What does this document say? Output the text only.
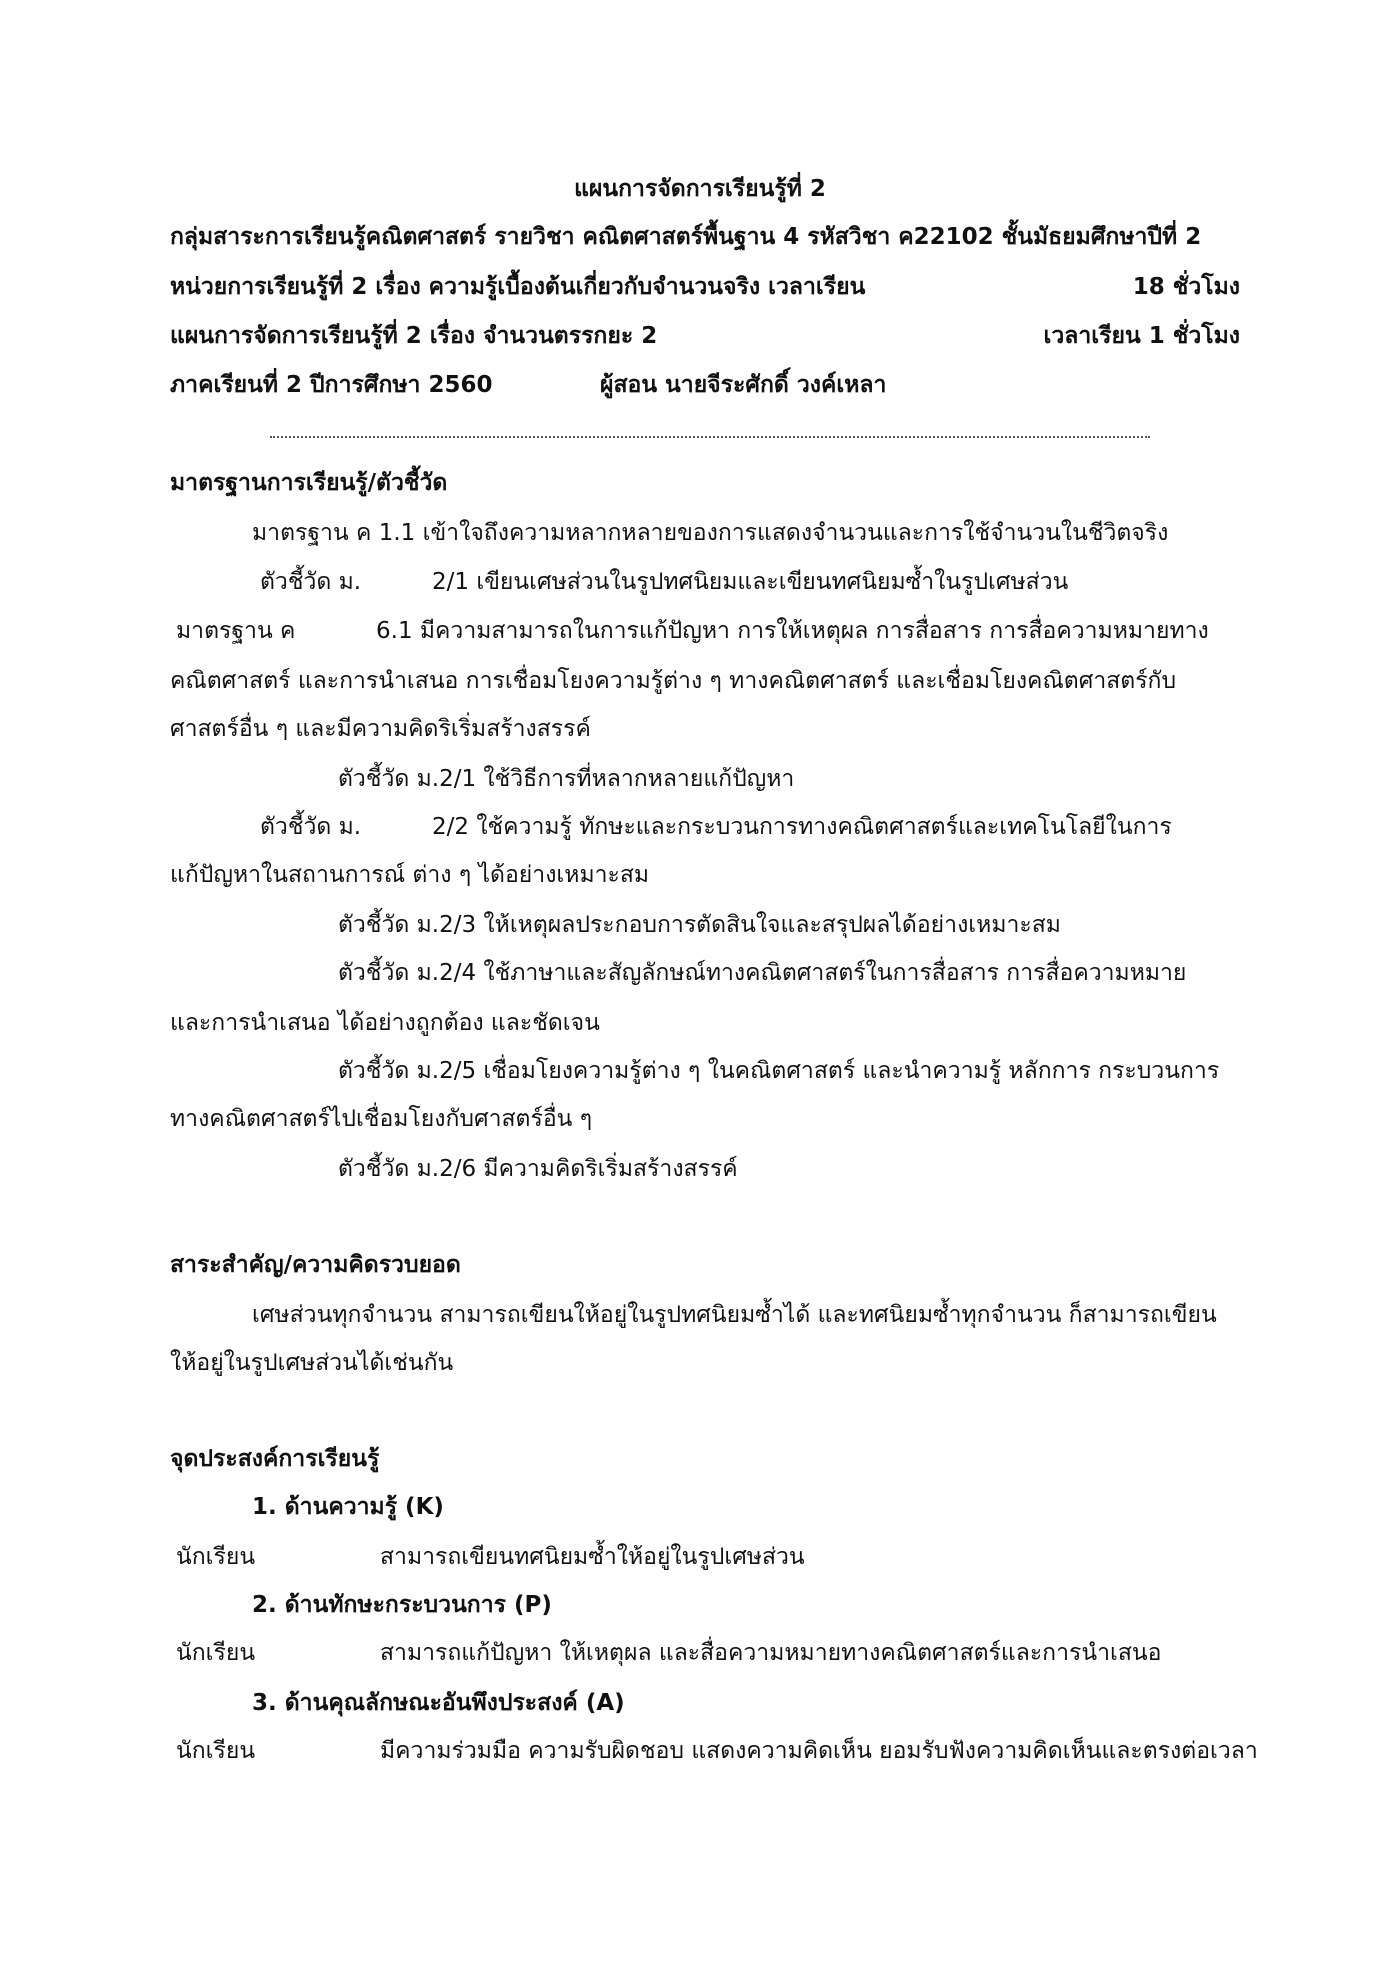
แผนการจัดการเรียนรู้ที่ 2
กลุ่มสาระการเรียนรู้คณิตศาสตร์ รายวิชา คณิตศาสตร์พื้นฐาน 4 รหัสวิชา ค22102 ชั้นมัธยมศึกษาปีที่ 2
หน่วยการเรียนรู้ที่ 2 เรื่อง ความรู้เบื้องต้นเกี่ยวกับจำนวนจริง เวลาเรียน	18 ชั่วโมง
แผนการจัดการเรียนรู้ที่ 2 เรื่อง จำนวนตรรกยะ 2	เวลาเรียน 1 ชั่วโมง
ภาคเรียนที่ 2 ปีการศึกษา 2560	ผู้สอน นายจีระศักดิ์ วงค์เหลา
มาตรฐานการเรียนรู้/ตัวชี้วัด
มาตรฐาน ค 1.1 เข้าใจถึงความหลากหลายของการแสดงจำนวนและการใช้จำนวนในชีวิตจริง
ตัวชี้วัด ม.	2/1 เขียนเศษส่วนในรูปทศนิยมและเขียนทศนิยมซ้ำในรูปเศษส่วน
มาตรฐาน ค	6.1 มีความสามารถในการแก้ปัญหา การให้เหตุผล การสื่อสาร การสื่อความหมายทาง
คณิตศาสตร์ และการนำเสนอ การเชื่อมโยงความรู้ต่าง ๆ ทางคณิตศาสตร์ และเชื่อมโยงคณิตศาสตร์กับ
ศาสตร์อื่น ๆ และมีความคิดริเริ่มสร้างสรรค์
ตัวชี้วัด ม.2/1 ใช้วิธีการที่หลากหลายแก้ปัญหา
ตัวชี้วัด ม.	2/2 ใช้ความรู้ ทักษะและกระบวนการทางคณิตศาสตร์และเทคโนโลยีในการ
แก้ปัญหาในสถานการณ์ ต่าง ๆ ได้อย่างเหมาะสม
ตัวชี้วัด ม.2/3 ให้เหตุผลประกอบการตัดสินใจและสรุปผลได้อย่างเหมาะสม
ตัวชี้วัด ม.2/4 ใช้ภาษาและสัญลักษณ์ทางคณิตศาสตร์ในการสื่อสาร การสื่อความหมาย
และการนำเสนอ ได้อย่างถูกต้อง และชัดเจน
ตัวชี้วัด ม.2/5 เชื่อมโยงความรู้ต่าง ๆ ในคณิตศาสตร์ และนำความรู้ หลักการ กระบวนการ
ทางคณิตศาสตร์ไปเชื่อมโยงกับศาสตร์อื่น ๆ
ตัวชี้วัด ม.2/6 มีความคิดริเริ่มสร้างสรรค์
สาระสำคัญ/ความคิดรวบยอด
เศษส่วนทุกจำนวน สามารถเขียนให้อยู่ในรูปทศนิยมซ้ำได้ และทศนิยมซ้ำทุกจำนวน ก็สามารถเขียน
ให้อยู่ในรูปเศษส่วนได้เช่นกัน
จุดประสงค์การเรียนรู้
1. ด้านความรู้ (K)
นักเรียน	สามารถเขียนทศนิยมซ้ำให้อยู่ในรูปเศษส่วน
2. ด้านทักษะกระบวนการ (P)
นักเรียน	สามารถแก้ปัญหา ให้เหตุผล และสื่อความหมายทางคณิตศาสตร์และการนำเสนอ
3. ด้านคุณลักษณะอันพึงประสงค์ (A)
นักเรียน	มีความร่วมมือ ความรับผิดชอบ แสดงความคิดเห็น ยอมรับฟังความคิดเห็นและตรงต่อเวลา
